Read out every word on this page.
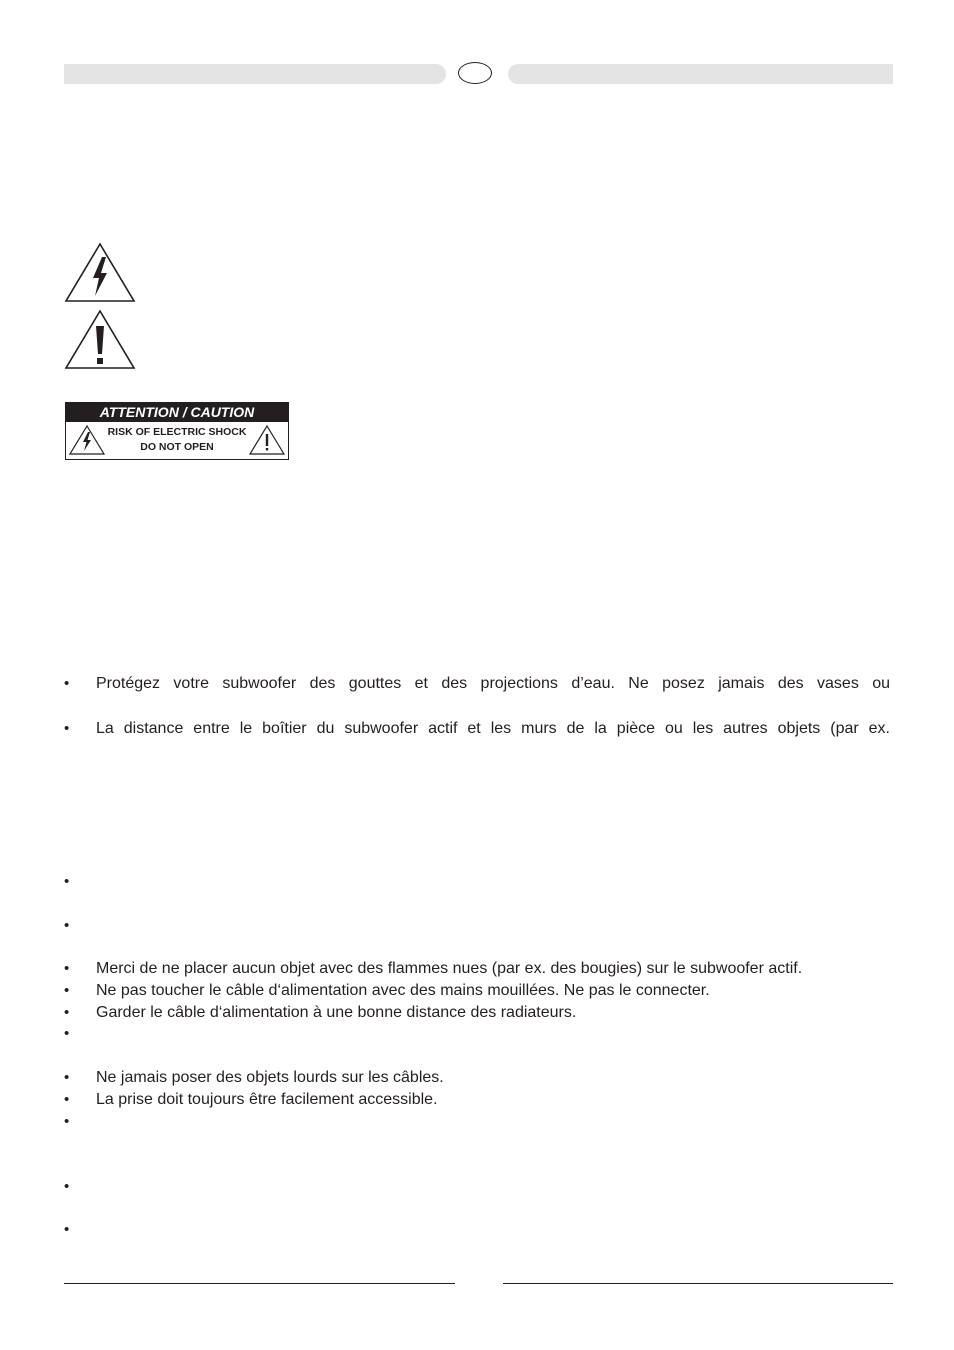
ATTENTION / CAUTION
RISK OF ELECTRIC SHOCK
DO NOT OPEN
• Protégez votre subwoofer des gouttes et des projections d’eau. Ne posez jamais des vases ou
• La distance entre le boîtier du subwoofer actif et les murs de la pièce ou les autres objets (par ex.
•
•
• Merci de ne placer aucun objet avec des flammes nues (par ex. des bougies) sur le subwoofer actif.
• Ne pas toucher le câble d‘alimentation avec des mains mouillées. Ne pas le connecter.
• Garder le câble d‘alimentation à une bonne distance des radiateurs.
•
• Ne jamais poser des objets lourds sur les câbles.
• La prise doit toujours être facilement accessible.
•
•
•
